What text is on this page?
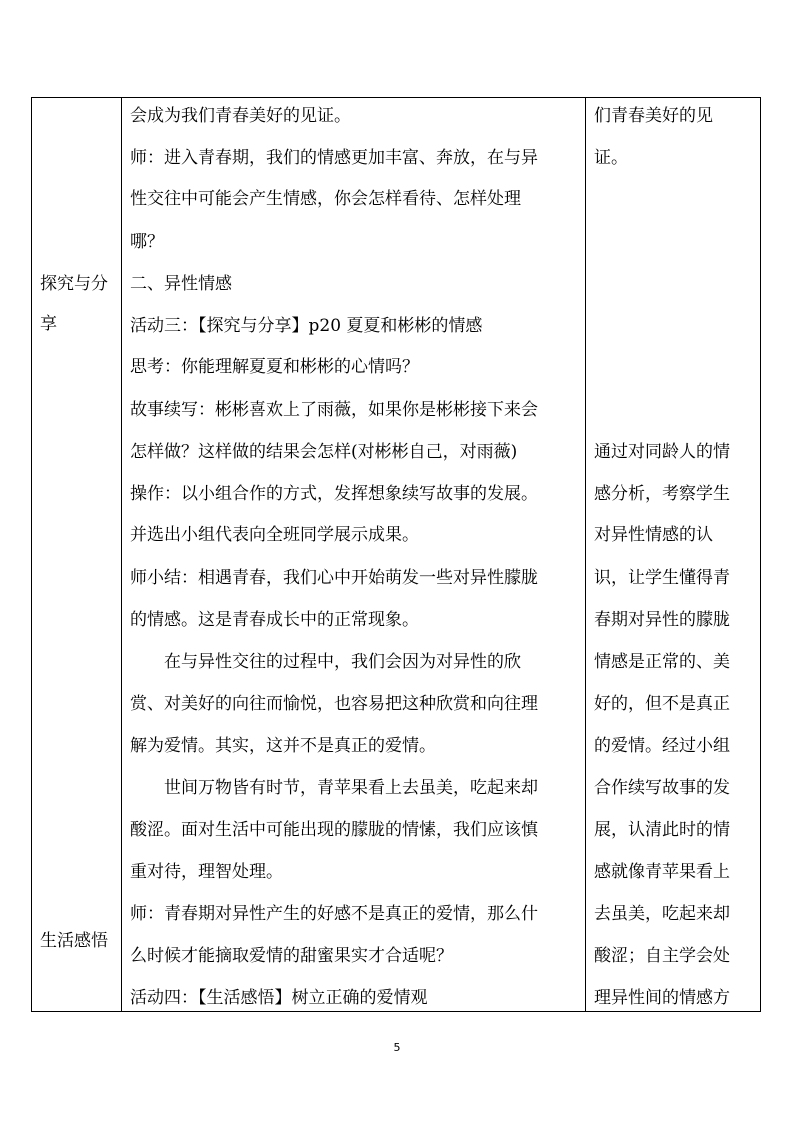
探究与分
享
生活感悟
会成为我们青春美好的见证。
师：进入青春期，我们的情感更加丰富、奔放，在与异
性交往中可能会产生情感，你会怎样看待、怎样处理
哪？
二、异性情感
活动三：【探究与分享】p20 夏夏和彬彬的情感
思考：你能理解夏夏和彬彬的心情吗？
故事续写：彬彬喜欢上了雨薇，如果你是彬彬接下来会
怎样做？这样做的结果会怎样(对彬彬自己，对雨薇)
操作：以小组合作的方式，发挥想象续写故事的发展。
并选出小组代表向全班同学展示成果。
师小结：相遇青春，我们心中开始萌发一些对异性朦胧
的情感。这是青春成长中的正常现象。
在与异性交往的过程中，我们会因为对异性的欣
赏、对美好的向往而愉悦，也容易把这种欣赏和向往理
解为爱情。其实，这并不是真正的爱情。
世间万物皆有时节，青苹果看上去虽美，吃起来却
酸涩。面对生活中可能出现的朦胧的情愫，我们应该慎
重对待，理智处理。
师：青春期对异性产生的好感不是真正的爱情，那么什
么时候才能摘取爱情的甜蜜果实才合适呢？
活动四：【生活感悟】树立正确的爱情观
们青春美好的见
证。
通过对同龄人的情
感分析，考察学生
对异性情感的认
识，让学生懂得青
春期对异性的朦胧
情感是正常的、美
好的，但不是真正
的爱情。经过小组
合作续写故事的发
展，认清此时的情
感就像青苹果看上
去虽美，吃起来却
酸涩；自主学会处
理异性间的情感方
5
